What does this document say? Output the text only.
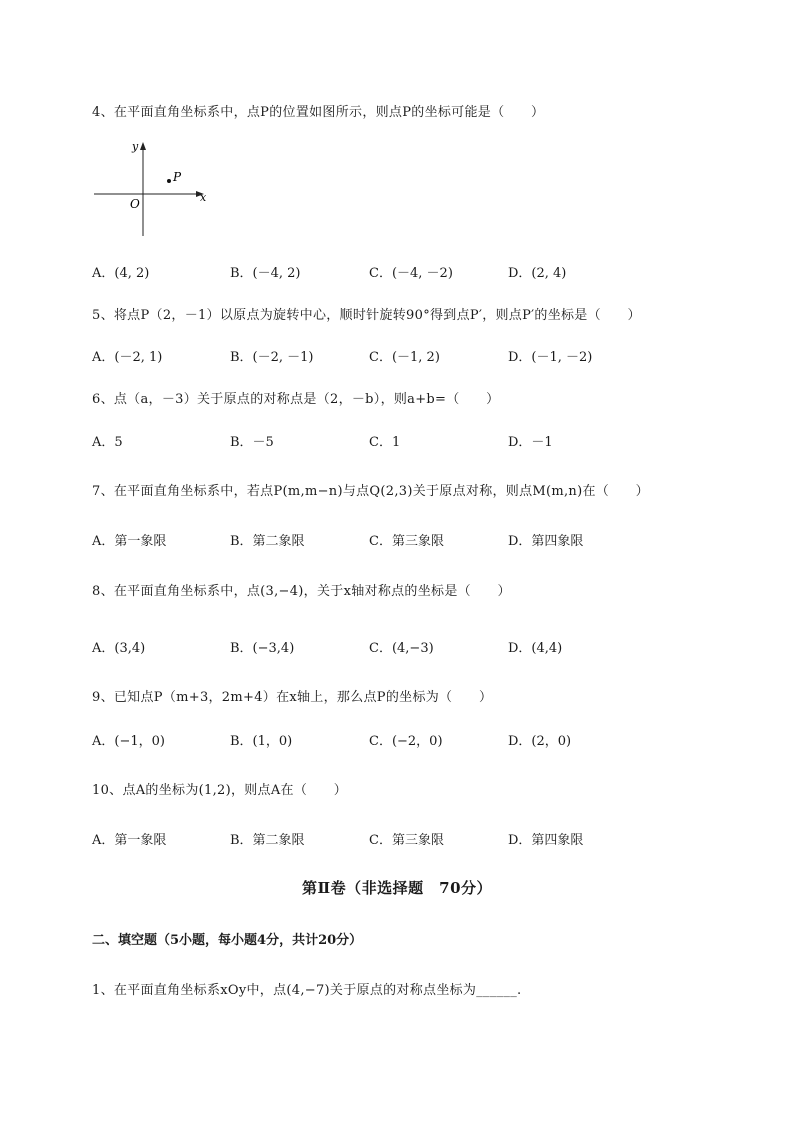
4、在平面直角坐标系中，点P的位置如图所示，则点P的坐标可能是（　　）
P
y
x
O
A．(4, 2)	B．(－4, 2)	C．(－4, －2)	D．(2, 4)
5、将点P（2，－1）以原点为旋转中心，顺时针旋转90°得到点P′，则点P′的坐标是（　　）
A．(－2, 1)	B．(－2, －1)	C．(－1, 2)	D．(－1, －2)
6、点（a，－3）关于原点的对称点是（2，－b），则a+b=（　　）
A．5	B．－5	C．1	D．－1
7、在平面直角坐标系中，若点P(m,m−n)与点Q(2,3)关于原点对称，则点M(m,n)在（　　）
A．第一象限	B．第二象限	C．第三象限	D．第四象限
8、在平面直角坐标系中，点(3,−4)，关于x轴对称点的坐标是（　　）
A．(3,4)	B．(−3,4)	C．(4,−3)	D．(4,4)
9、已知点P（m+3，2m+4）在x轴上，那么点P的坐标为（　　）
A．(−1，0)	B．(1，0)	C．(−2，0)	D．(2，0)
10、点A的坐标为(1,2)，则点A在（　　）
A．第一象限	B．第二象限	C．第三象限	D．第四象限
第Ⅱ卷（非选择题　70分）
二、填空题（5小题，每小题4分，共计20分）
1、在平面直角坐标系xOy中，点(4,−7)关于原点的对称点坐标为______.
